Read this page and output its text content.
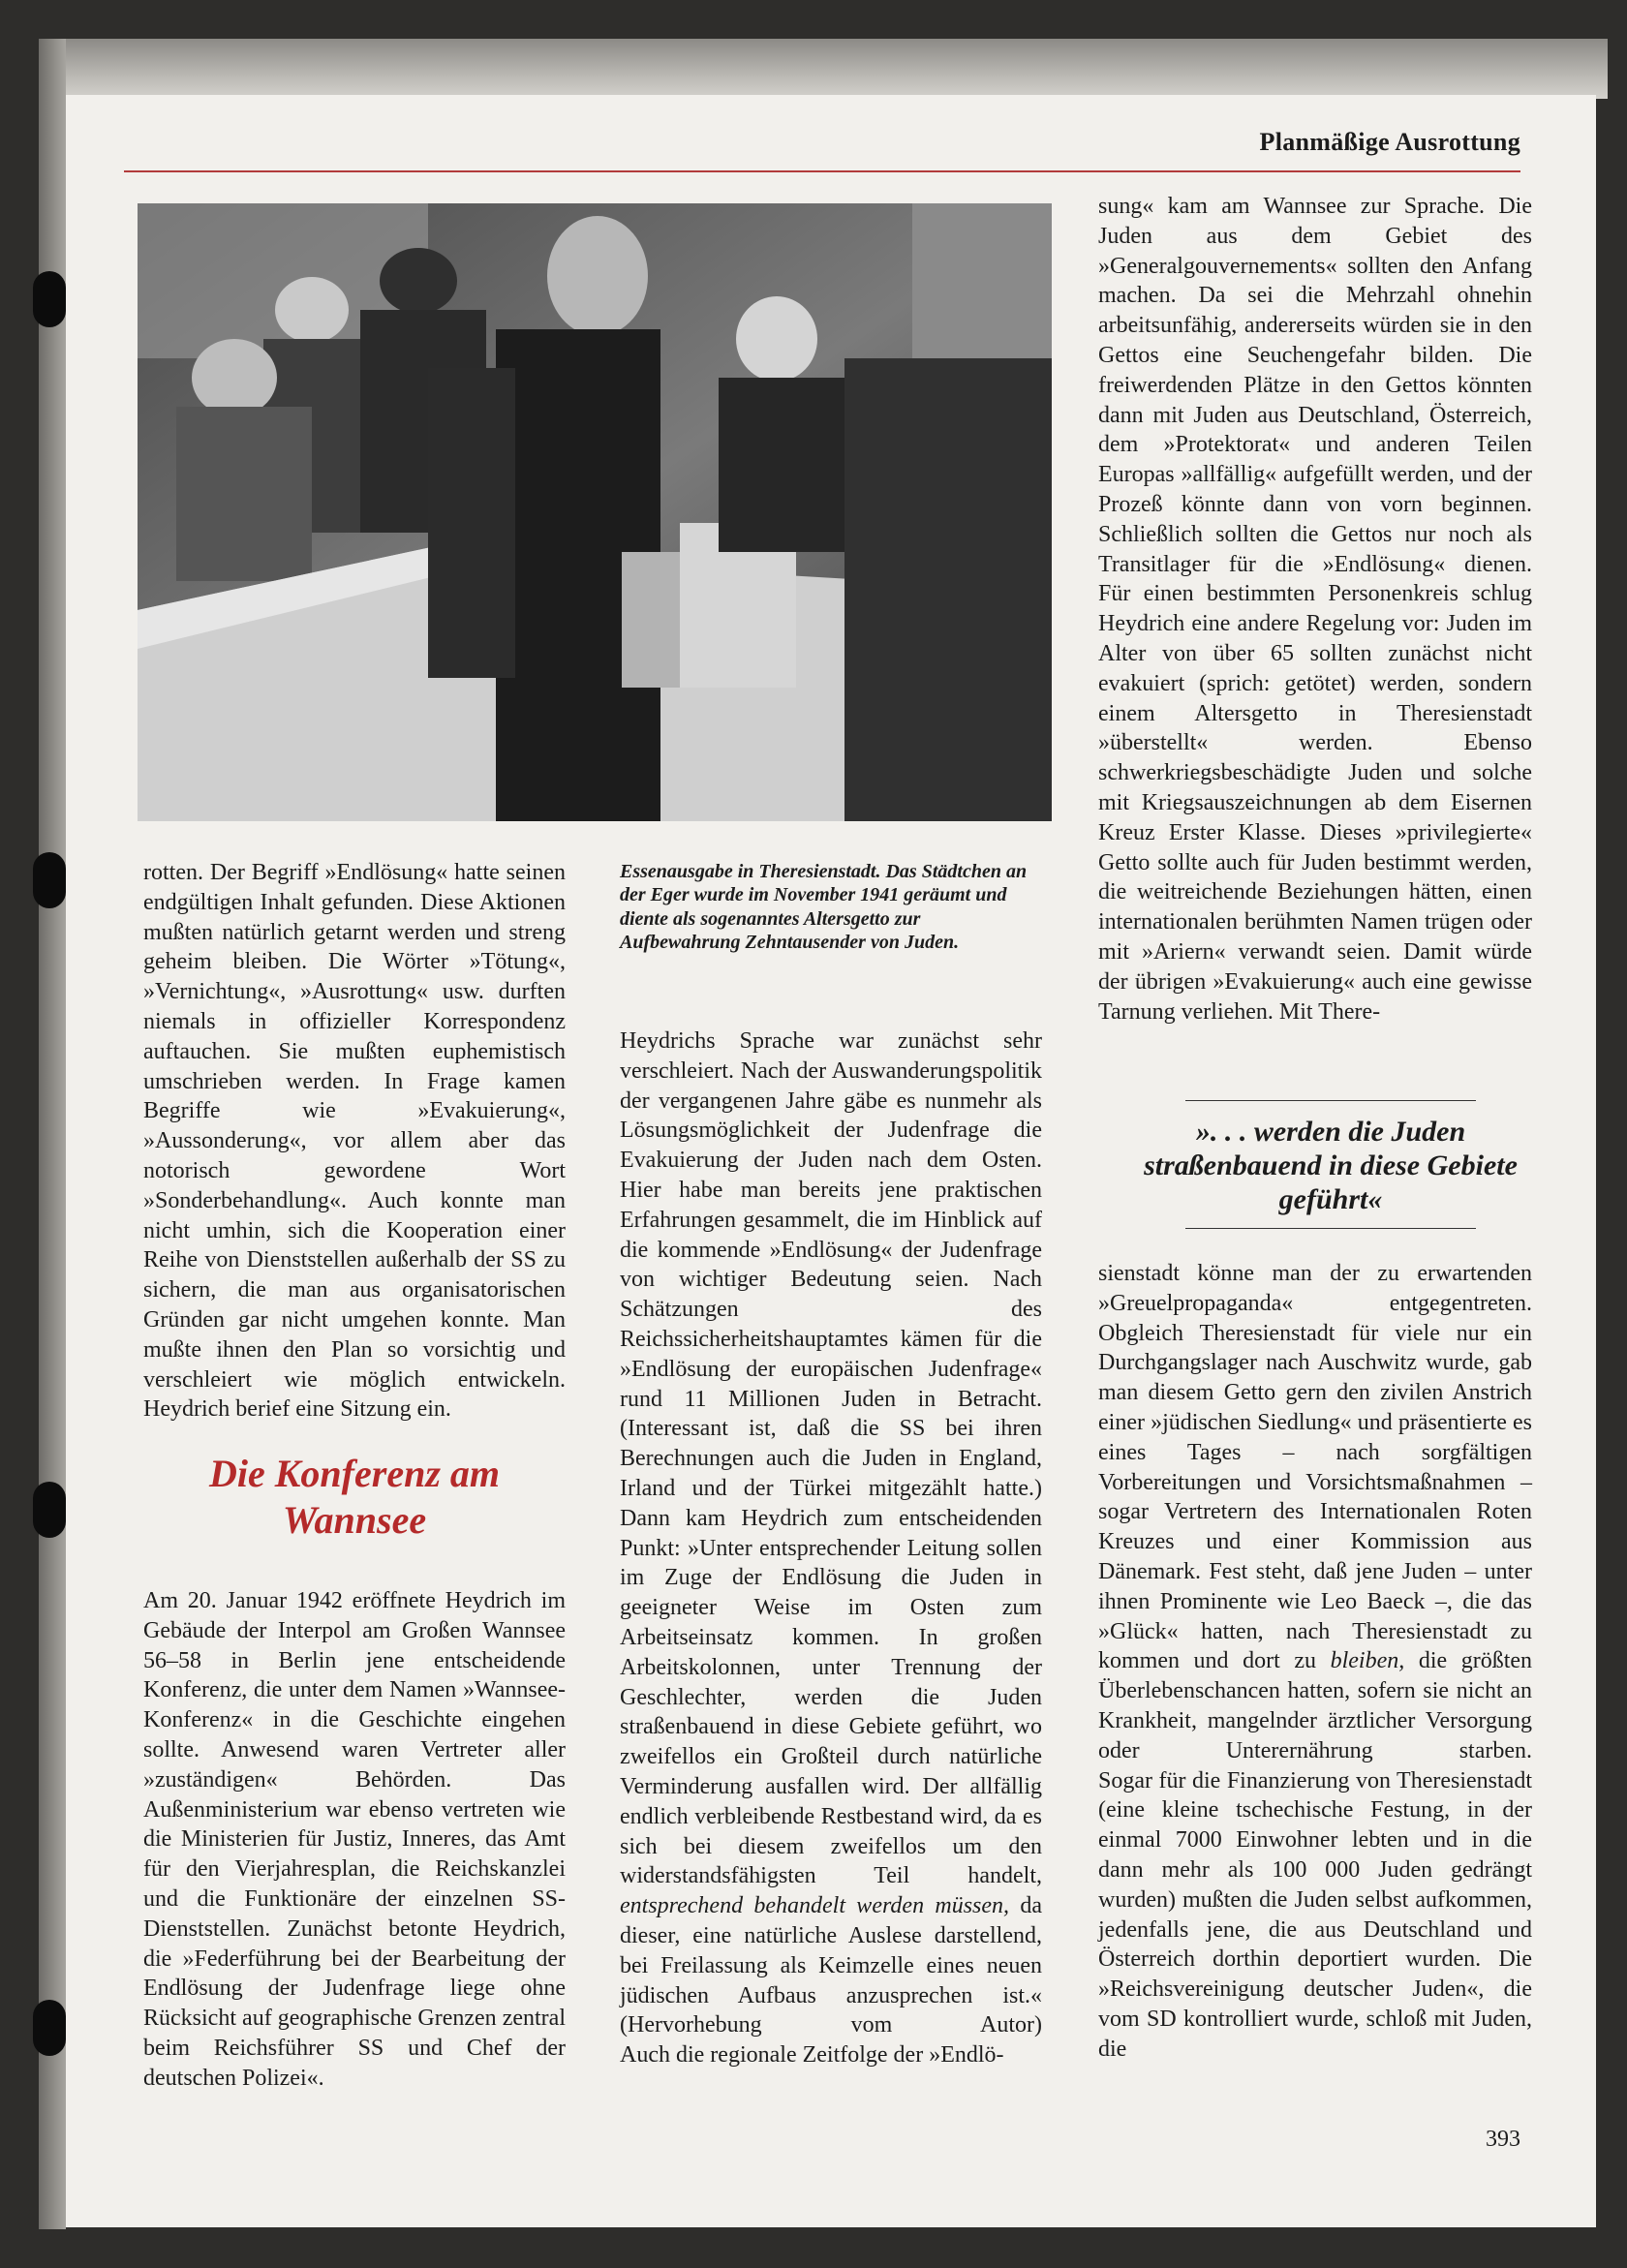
Planmäßige Ausrottung
Essenausgabe in Theresienstadt. Das Städtchen an der Eger wurde im November 1941 geräumt und diente als sogenanntes Altersgetto zur Aufbewahrung Zehntausender von Juden.

rotten. Der Begriff »Endlösung« hatte seinen endgültigen Inhalt gefunden. Diese Aktionen mußten natürlich getarnt werden und streng geheim bleiben. Die Wörter »Tötung«, »Vernichtung«, »Ausrottung« usw. durften niemals in offizieller Korrespondenz auftauchen. Sie mußten euphemistisch umschrieben werden. In Frage kamen Begriffe wie »Evakuierung«, »Aussonderung«, vor allem aber das notorisch gewordene Wort »Sonderbehandlung«. Auch konnte man nicht umhin, sich die Kooperation einer Reihe von Dienststellen außerhalb der SS zu sichern, die man aus organisatorischen Gründen gar nicht umgehen konnte. Man mußte ihnen den Plan so vorsichtig und verschleiert wie möglich entwickeln. Heydrich berief eine Sitzung ein.

Die Konferenz am Wannsee

Am 20. Januar 1942 eröffnete Heydrich im Gebäude der Interpol am Großen Wannsee 56–58 in Berlin jene entscheidende Konferenz, die unter dem Namen »Wannsee-Konferenz« in die Geschichte eingehen sollte. Anwesend waren Vertreter aller »zuständigen« Behörden. Das Außenministerium war ebenso vertreten wie die Ministerien für Justiz, Inneres, das Amt für den Vierjahresplan, die Reichskanzlei und die Funktionäre der einzelnen SS-Dienststellen. Zunächst betonte Heydrich, die »Federführung bei der Bearbeitung der Endlösung der Judenfrage liege ohne Rücksicht auf geographische Grenzen zentral beim Reichsführer SS und Chef der deutschen Polizei«.

Heydrichs Sprache war zunächst sehr verschleiert. Nach der Auswanderungspolitik der vergangenen Jahre gäbe es nunmehr als Lösungsmöglichkeit der Judenfrage die Evakuierung der Juden nach dem Osten. Hier habe man bereits jene praktischen Erfahrungen gesammelt, die im Hinblick auf die kommende »Endlösung« der Judenfrage von wichtiger Bedeutung seien. Nach Schätzungen des Reichssicherheitshauptamtes kämen für die »Endlösung der europäischen Judenfrage« rund 11 Millionen Juden in Betracht. (Interessant ist, daß die SS bei ihren Berechnungen auch die Juden in England, Irland und der Türkei mitgezählt hatte.)

Dann kam Heydrich zum entscheidenden Punkt: »Unter entsprechender Leitung sollen im Zuge der Endlösung die Juden in geeigneter Weise im Osten zum Arbeitseinsatz kommen. In großen Arbeitskolonnen, unter Trennung der Geschlechter, werden die Juden straßenbauend in diese Gebiete geführt, wo zweifellos ein Großteil durch natürliche Verminderung ausfallen wird. Der allfällig endlich verbleibende Restbestand wird, da es sich bei diesem zweifellos um den widerstandsfähigsten Teil handelt, entsprechend behandelt werden müssen, da dieser, eine natürliche Auslese darstellend, bei Freilassung als Keimzelle eines neuen jüdischen Aufbaus anzusprechen ist.« (Hervorhebung vom Autor)

Auch die regionale Zeitfolge der »Endlö-

sung« kam am Wannsee zur Sprache. Die Juden aus dem Gebiet des »Generalgouvernements« sollten den Anfang machen. Da sei die Mehrzahl ohnehin arbeitsunfähig, andererseits würden sie in den Gettos eine Seuchengefahr bilden. Die freiwerdenden Plätze in den Gettos könnten dann mit Juden aus Deutschland, Österreich, dem »Protektorat« und anderen Teilen Europas »allfällig« aufgefüllt werden, und der Prozeß könnte dann von vorn beginnen. Schließlich sollten die Gettos nur noch als Transitlager für die »Endlösung« dienen.

Für einen bestimmten Personenkreis schlug Heydrich eine andere Regelung vor: Juden im Alter von über 65 sollten zunächst nicht evakuiert (sprich: getötet) werden, sondern einem Altersgetto in Theresienstadt »überstellt« werden. Ebenso schwerkriegsbeschädigte Juden und solche mit Kriegsauszeichnungen ab dem Eisernen Kreuz Erster Klasse. Dieses »privilegierte« Getto sollte auch für Juden bestimmt werden, die weitreichende Beziehungen hätten, einen internationalen berühmten Namen trügen oder mit »Ariern« verwandt seien. Damit würde der übrigen »Evakuierung« auch eine gewisse Tarnung verliehen. Mit There-

». . . werden die Juden straßenbauend in diese Gebiete geführt«

sienstadt könne man der zu erwartenden »Greuelpropaganda« entgegentreten.

Obgleich Theresienstadt für viele nur ein Durchgangslager nach Auschwitz wurde, gab man diesem Getto gern den zivilen Anstrich einer »jüdischen Siedlung« und präsentierte es eines Tages – nach sorgfältigen Vorbereitungen und Vorsichtsmaßnahmen – sogar Vertretern des Internationalen Roten Kreuzes und einer Kommission aus Dänemark. Fest steht, daß jene Juden – unter ihnen Prominente wie Leo Baeck –, die das »Glück« hatten, nach Theresienstadt zu kommen und dort zu bleiben, die größten Überlebenschancen hatten, sofern sie nicht an Krankheit, mangelnder ärztlicher Versorgung oder Unterernährung starben.

Sogar für die Finanzierung von Theresienstadt (eine kleine tschechische Festung, in der einmal 7000 Einwohner lebten und in die dann mehr als 100 000 Juden gedrängt wurden) mußten die Juden selbst aufkommen, jedenfalls jene, die aus Deutschland und Österreich dorthin deportiert wurden. Die »Reichsvereinigung deutscher Juden«, die vom SD kontrolliert wurde, schloß mit Juden, die

393
